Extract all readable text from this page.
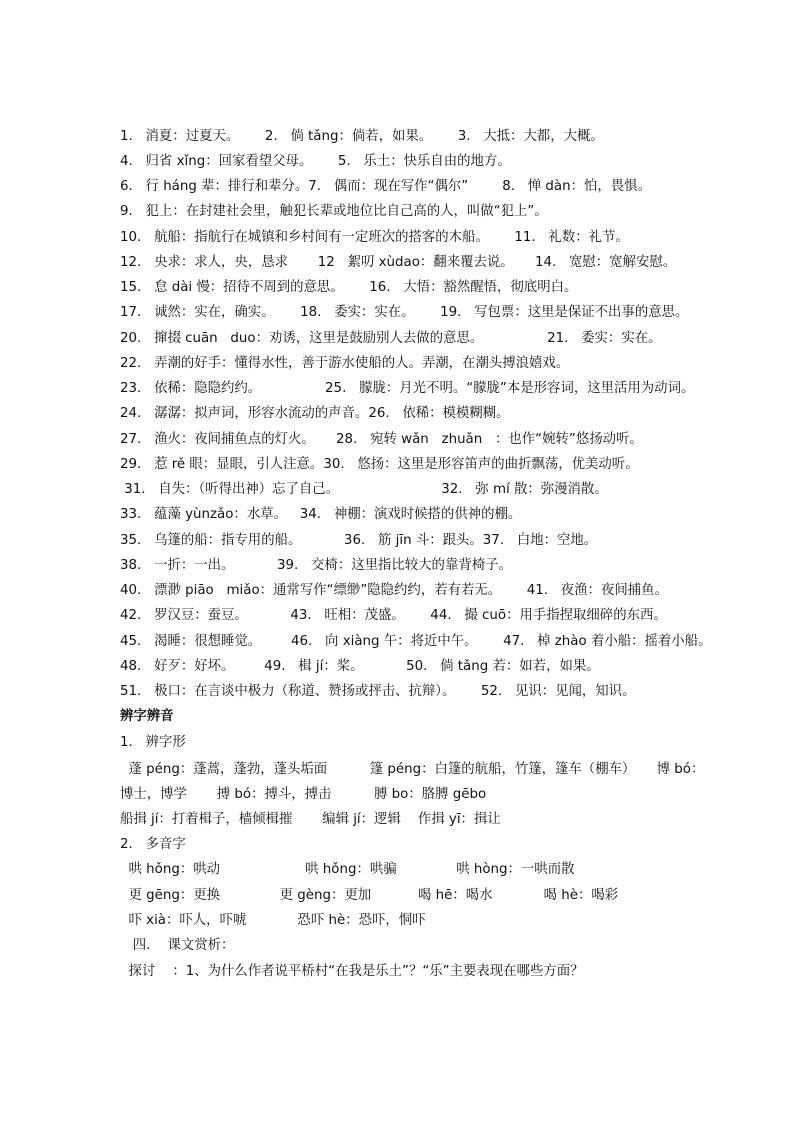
1.   消夏：过夏天。      2.   倘 tǎng：倘若，如果。      3.   大抵：大都，大概。
4.   归省 xǐng：回家看望父母。      5.   乐土：快乐自由的地方。
6.   行 háng 辈：排行和辈分。7.   偶而：现在写作“偶尔”        8.   惮 dàn：怕，畏惧。
9.   犯上：在封建社会里，触犯长辈或地位比自己高的人，叫做“犯上”。
10.   航船：指航行在城镇和乡村间有一定班次的搭客的木船。      11.   礼数：礼节。
12.   央求：求人，央，恳求       12   絮叨 xùdao：翻来覆去说。     14.   宽慰：宽解安慰。
15.   怠 dài 慢：招待不周到的意思。      16.   大悟：豁然醒悟，彻底明白。
17.   诚然：实在，确实。      18.   委实：实在。      19.   写包票：这里是保证不出事的意思。
20.   撺掇 cuān   duo：劝诱，这里是鼓励别人去做的意思。               21.   委实：实在。
22.   弄潮的好手：懂得水性，善于游水使船的人。弄潮，在潮头搏浪嬉戏。
23.   依稀：隐隐约约。               25.   朦胧：月光不明。“朦胧”本是形容词，这里活用为动词。
24.   潺潺：拟声词，形容水流动的声音。26.   依稀：模模糊糊。
27.   渔火：夜间捕鱼点的灯火。     28.   宛转 wǎn   zhuǎn   ：也作“婉转”悠扬动听。
29.   惹 rě 眼：显眼，引人注意。30.   悠扬：这里是形容笛声的曲折飘荡，优美动听。
31.   自失：（听得出神）忘了自己。                        32.   弥 mí 散：弥漫消散。
33.   蕴藻 yùnzǎo：水草。   34.   神棚：演戏时候搭的供神的棚。
35.   乌篷的船：指专用的船。          36.   筋 jīn 斗：跟头。37.   白地：空地。
38.   一折：一出。          39.   交椅：这里指比较大的靠背椅子。
40.   漂渺 piāo   miǎo：通常写作“缥缈”隐隐约约，若有若无。      41.   夜渔：夜间捕鱼。
42.   罗汉豆：蚕豆。          43.   旺相：茂盛。      44.   撮 cuō：用手指捏取细碎的东西。
45.   渴睡：很想睡觉。       46.   向 xiàng 午：将近中午。      47.   棹 zhào 着小船：摇着小船。
48.   好歹：好坏。       49.   楫 jí：桨。          50.   倘 tǎng 若：如若，如果。
51.   极口：在言谈中极力（称道、赞扬或抨击、抗辩）。      52.   见识：见闻，知识。
辨字辨音
1.   辨字形
蓬 péng：蓬蒿，蓬勃，蓬头垢面          篷 péng：白篷的航船，竹篷，篷车（棚车）     博 bó：
博士，博学       搏 bó：搏斗，搏击          膊 bo：胳膊 gēbo
船揖 jí：打着楫子，樯倾楫摧       编辑 jí：逻辑    作揖 yī：揖让
2.   多音字
哄 hǒng：哄动                    哄 hǒng：哄骗              哄 hòng：一哄而散
更 gēng：更换              更 gèng：更加           喝 hē：喝水            喝 hè：喝彩
吓 xià：吓人，吓唬            恐吓 hè：恐吓，恫吓
四.    课文赏析：
探讨    ：1、为什么作者说平桥村“在我是乐土”？“乐”主要表现在哪些方面？
